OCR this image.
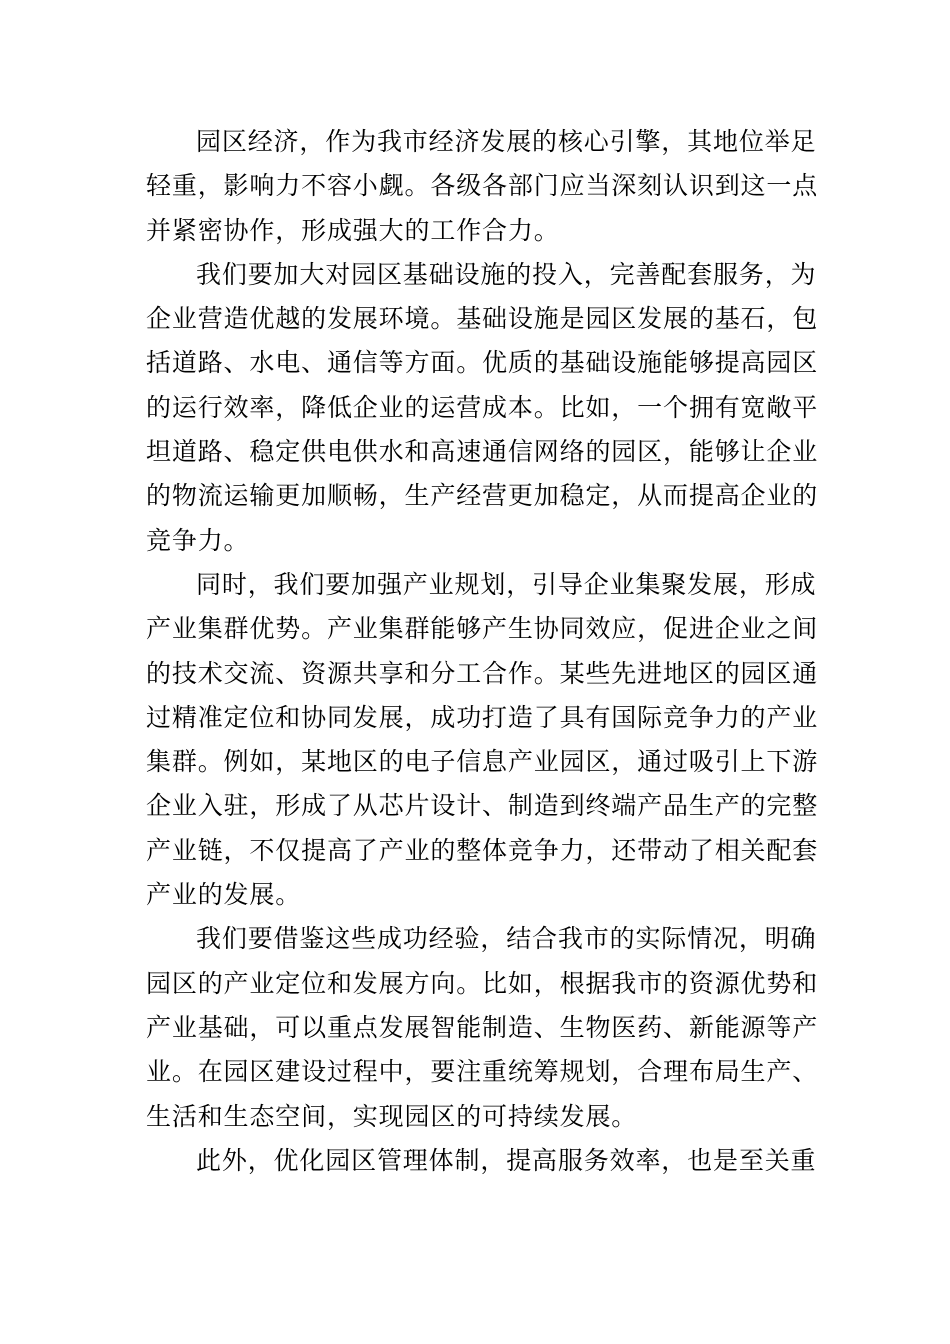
园区经济，作为我市经济发展的核心引擎，其地位举足
轻重，影响力不容小觑。各级各部门应当深刻认识到这一点
并紧密协作，形成强大的工作合力。
我们要加大对园区基础设施的投入，完善配套服务，为
企业营造优越的发展环境。基础设施是园区发展的基石，包
括道路、水电、通信等方面。优质的基础设施能够提高园区
的运行效率，降低企业的运营成本。比如，一个拥有宽敞平
坦道路、稳定供电供水和高速通信网络的园区，能够让企业
的物流运输更加顺畅，生产经营更加稳定，从而提高企业的
竞争力。
同时，我们要加强产业规划，引导企业集聚发展，形成
产业集群优势。产业集群能够产生协同效应，促进企业之间
的技术交流、资源共享和分工合作。某些先进地区的园区通
过精准定位和协同发展，成功打造了具有国际竞争力的产业
集群。例如，某地区的电子信息产业园区，通过吸引上下游
企业入驻，形成了从芯片设计、制造到终端产品生产的完整
产业链，不仅提高了产业的整体竞争力，还带动了相关配套
产业的发展。
我们要借鉴这些成功经验，结合我市的实际情况，明确
园区的产业定位和发展方向。比如，根据我市的资源优势和
产业基础，可以重点发展智能制造、生物医药、新能源等产
业。在园区建设过程中，要注重统筹规划，合理布局生产、
生活和生态空间，实现园区的可持续发展。
此外，优化园区管理体制，提高服务效率，也是至关重
